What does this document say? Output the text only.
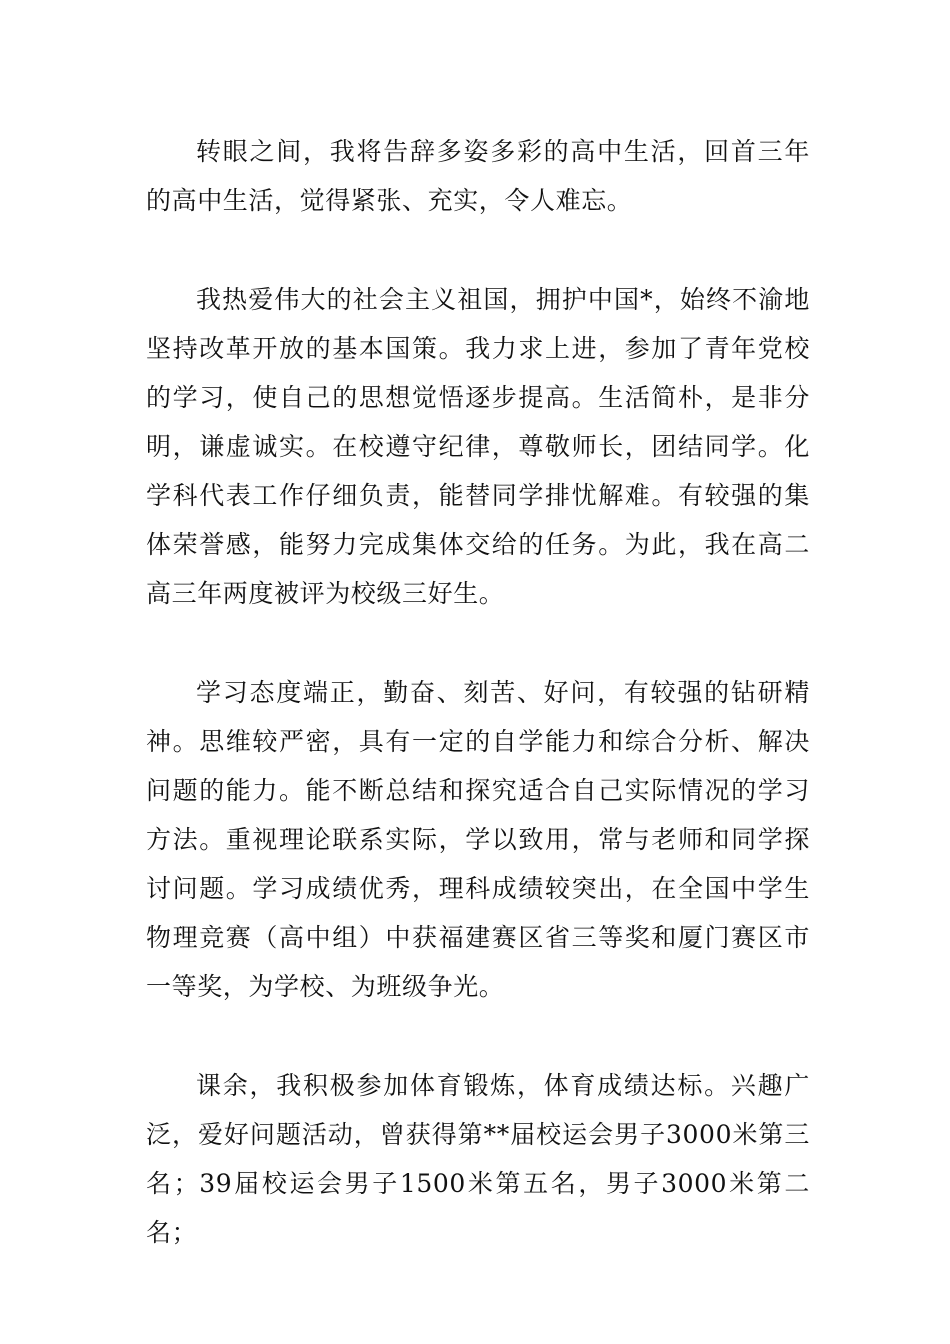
转眼之间，我将告辞多姿多彩的高中生活，回首三年的高中生活，觉得紧张、充实，令人难忘。

我热爱伟大的社会主义祖国，拥护中国*，始终不渝地坚持改革开放的基本国策。我力求上进，参加了青年党校的学习，使自己的思想觉悟逐步提高。生活简朴，是非分明，谦虚诚实。在校遵守纪律，尊敬师长，团结同学。化学科代表工作仔细负责，能替同学排忧解难。有较强的集体荣誉感，能努力完成集体交给的任务。为此，我在高二高三年两度被评为校级三好生。

学习态度端正，勤奋、刻苦、好问，有较强的钻研精神。思维较严密，具有一定的自学能力和综合分析、解决问题的能力。能不断总结和探究适合自己实际情况的学习方法。重视理论联系实际，学以致用，常与老师和同学探讨问题。学习成绩优秀，理科成绩较突出，在全国中学生物理竞赛（高中组）中获福建赛区省三等奖和厦门赛区市一等奖，为学校、为班级争光。

课余，我积极参加体育锻炼，体育成绩达标。兴趣广泛，爱好问题活动，曾获得第**届校运会男子3000米第三名；39届校运会男子1500米第五名，男子3000米第二名；
